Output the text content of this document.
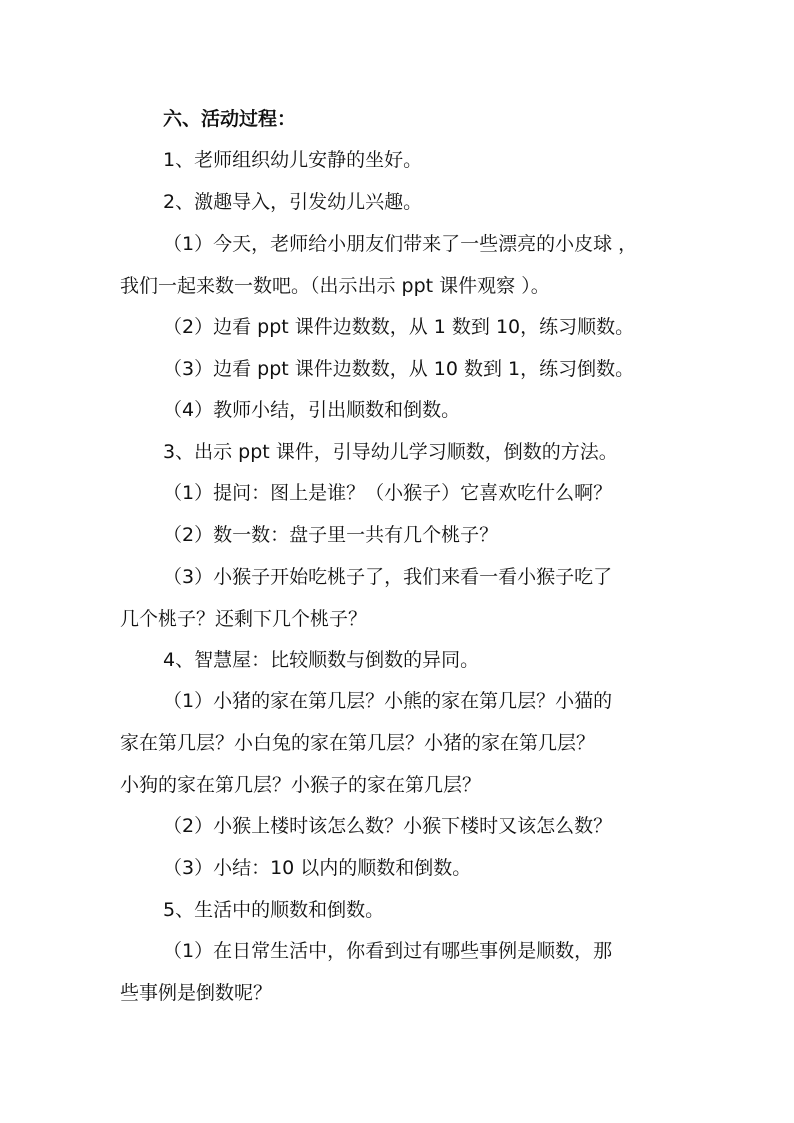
六、活动过程：
1、老师组织幼儿安静的坐好。
2、激趣导入，引发幼儿兴趣。
（1）今天，老师给小朋友们带来了一些漂亮的小皮球 ，
我们一起来数一数吧。（出示出示 ppt 课件观察 ）。
（2）边看 ppt 课件边数数，从 1 数到 10，练习顺数。
（3）边看 ppt 课件边数数，从 10 数到 1，练习倒数。
（4）教师小结，引出顺数和倒数。
3、出示 ppt 课件，引导幼儿学习顺数，倒数的方法。
（1）提问：图上是谁？（小猴子）它喜欢吃什么啊？
（2）数一数：盘子里一共有几个桃子？
（3）小猴子开始吃桃子了，我们来看一看小猴子吃了
几个桃子？还剩下几个桃子？
4、智慧屋：比较顺数与倒数的异同。
（1）小猪的家在第几层？小熊的家在第几层？小猫的
家在第几层？小白兔的家在第几层？小猪的家在第几层？
小狗的家在第几层？小猴子的家在第几层？
（2）小猴上楼时该怎么数？小猴下楼时又该怎么数？
（3）小结：10 以内的顺数和倒数。
5、生活中的顺数和倒数。
（1）在日常生活中，你看到过有哪些事例是顺数，那
些事例是倒数呢？
